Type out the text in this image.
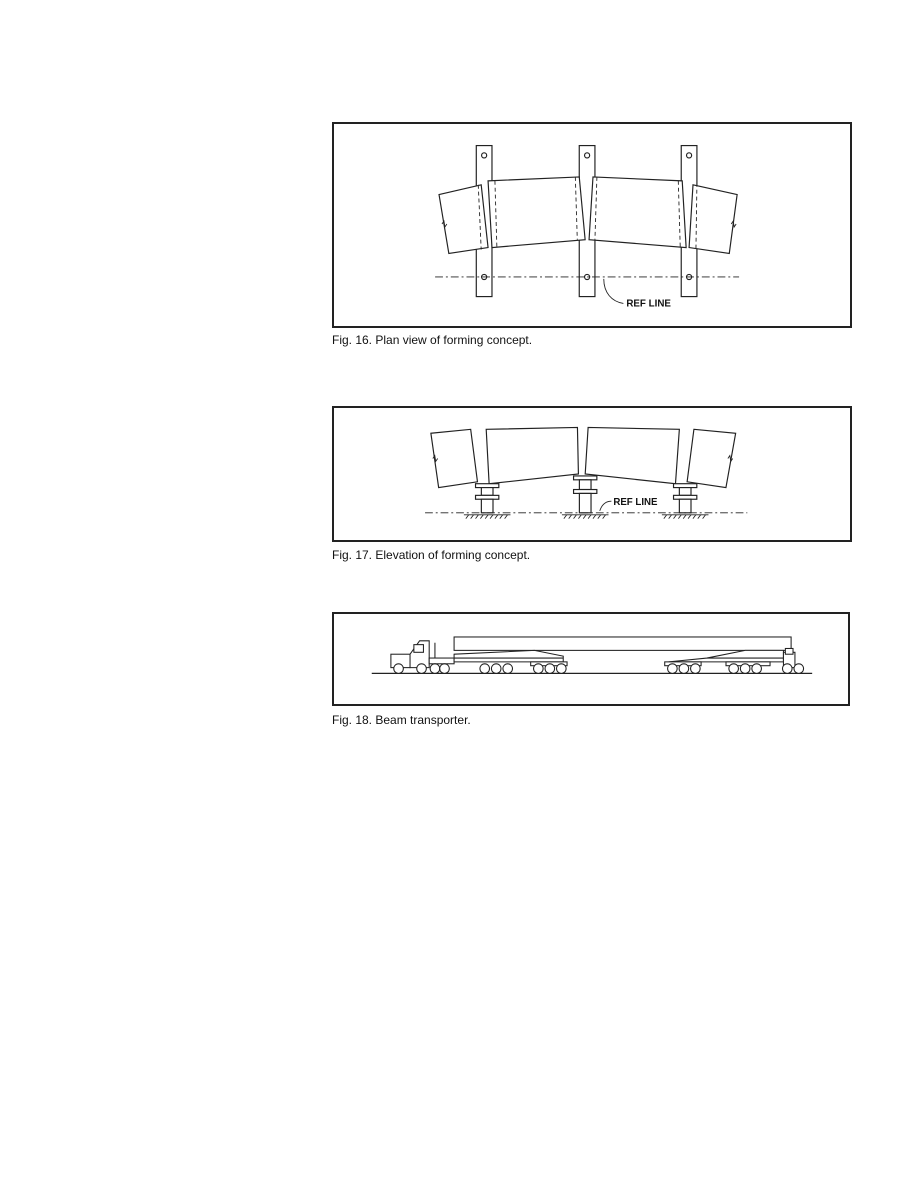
REF LINE
Fig. 16. Plan view of forming concept.
REF LINE
Fig. 17. Elevation of forming concept.
Fig. 18. Beam transporter.
